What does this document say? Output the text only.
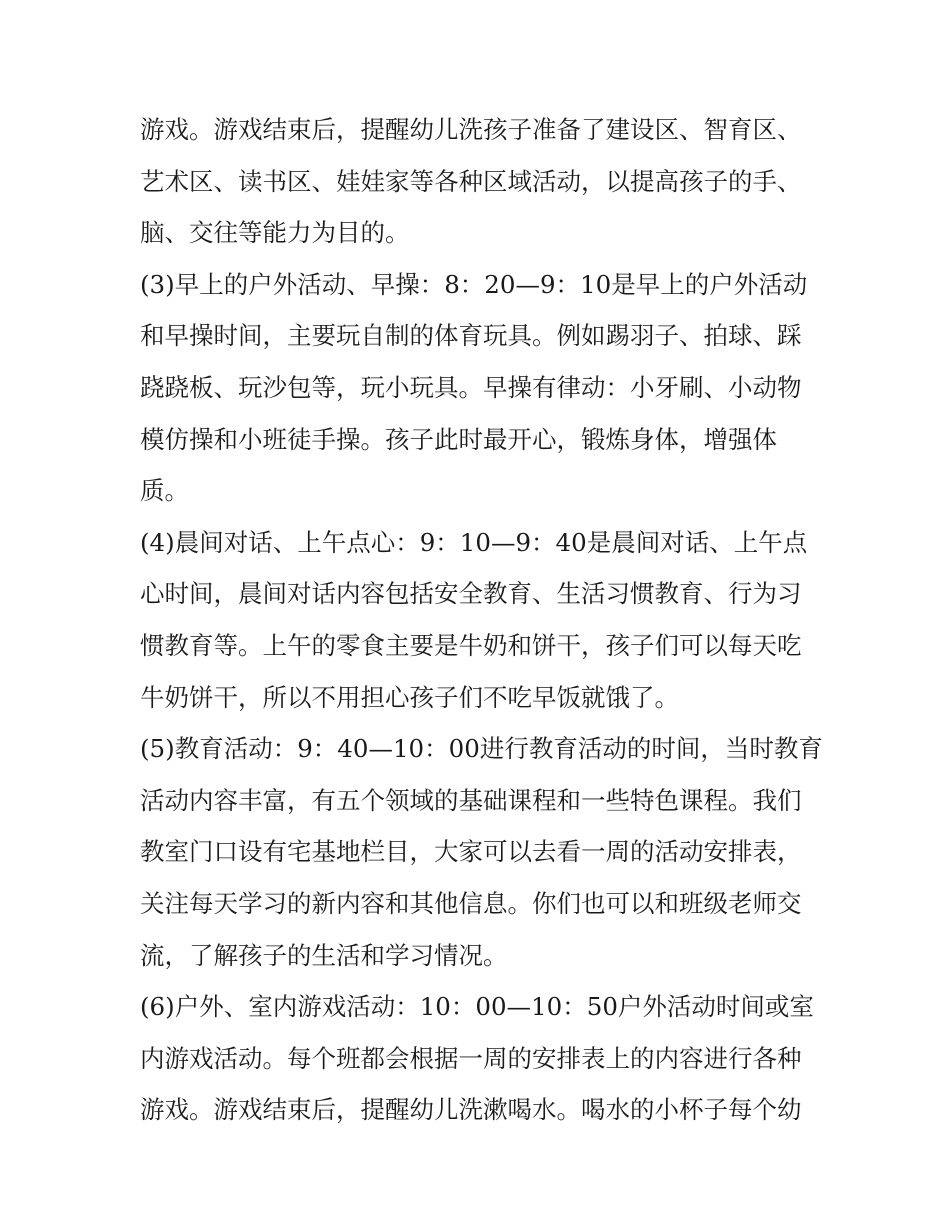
游戏。游戏结束后，提醒幼儿洗孩子准备了建设区、智育区、
艺术区、读书区、娃娃家等各种区域活动，以提高孩子的手、
脑、交往等能力为目的。
(3)早上的户外活动、早操：8：20—9：10是早上的户外活动
和早操时间，主要玩自制的体育玩具。例如踢羽子、拍球、踩
跷跷板、玩沙包等，玩小玩具。早操有律动：小牙刷、小动物
模仿操和小班徒手操。孩子此时最开心，锻炼身体，增强体
质。
(4)晨间对话、上午点心：9：10—9：40是晨间对话、上午点
心时间，晨间对话内容包括安全教育、生活习惯教育、行为习
惯教育等。上午的零食主要是牛奶和饼干，孩子们可以每天吃
牛奶饼干，所以不用担心孩子们不吃早饭就饿了。
(5)教育活动：9：40—10：00进行教育活动的时间，当时教育
活动内容丰富，有五个领域的基础课程和一些特色课程。我们
教室门口设有宅基地栏目，大家可以去看一周的活动安排表，
关注每天学习的新内容和其他信息。你们也可以和班级老师交
流，了解孩子的生活和学习情况。
(6)户外、室内游戏活动：10：00—10：50户外活动时间或室
内游戏活动。每个班都会根据一周的安排表上的内容进行各种
游戏。游戏结束后，提醒幼儿洗漱喝水。喝水的小杯子每个幼
